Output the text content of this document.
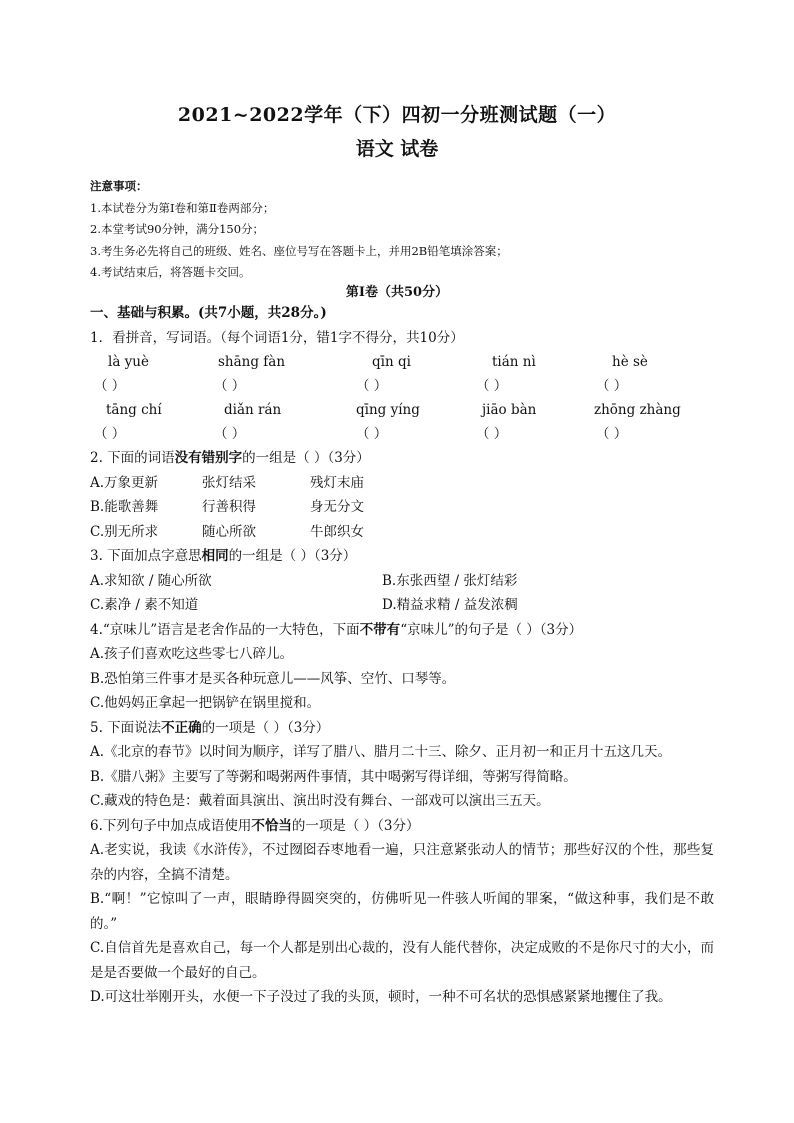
2021~2022学年（下）四初一分班测试题（一）
语文 试卷
注意事项：
1.本试卷分为第Ⅰ卷和第Ⅱ卷两部分；
2.本堂考试90分钟，满分150分；
3.考生务必先将自己的班级、姓名、座位号写在答题卡上，并用2B铅笔填涂答案；
4.考试结束后，将答题卡交回。
第Ⅰ卷（共50分）
一、基础与积累。(共7小题，共28分。)
1．看拼音，写词语。（每个词语1分，错1字不得分，共10分）
là yuè	shāng fàn	qīn qi	tián nì	hè sè
（ ）	（ ）	（ ）	（ ）	（ ）
tāng chí	diǎn rán	qīng yíng	jiāo bàn	zhōng zhàng
（ ）	（ ）	（ ）	（ ）	（ ）
2. 下面的词语没有错别字的一组是（ ）（3分）
A.万象更新	张灯结采	残灯末庙
B.能歌善舞	行善积得	身无分文
C.别无所求	随心所欲	牛郎织女
3. 下面加点字意思相同的一组是（ ）（3分）
A.求知欲 / 随心所欲	B.东张西望 / 张灯结彩
C.素净 / 素不知道	D.精益求精 / 益发浓稠
4.“京味儿”语言是老舍作品的一大特色，下面不带有“京味儿”的句子是（ ）（3分）
A.孩子们喜欢吃这些零七八碎儿。
B.恐怕第三件事才是买各种玩意儿——风筝、空竹、口琴等。
C.他妈妈正拿起一把锅铲在锅里搅和。
5. 下面说法不正确的一项是（ ）（3分）
A.《北京的春节》以时间为顺序，详写了腊八、腊月二十三、除夕、正月初一和正月十五这几天。
B.《腊八粥》主要写了等粥和喝粥两件事情，其中喝粥写得详细，等粥写得简略。
C.藏戏的特色是：戴着面具演出、演出时没有舞台、一部戏可以演出三五天。
6.下列句子中加点成语使用不恰当的一项是（ ）（3分）
A.老实说，我读《水浒传》，不过囫囵吞枣地看一遍，只注意紧张动人的情节；那些好汉的个性，那些复杂的内容，全搞不清楚。
B.“啊！”它惊叫了一声，眼睛睁得圆突突的，仿佛听见一件骇人听闻的罪案，“做这种事，我们是不敢的。”
C.自信首先是喜欢自己，每一个人都是别出心裁的，没有人能代替你，决定成败的不是你尺寸的大小，而是是否要做一个最好的自己。
D.可这壮举刚开头，水便一下子没过了我的头顶，顿时，一种不可名状的恐惧感紧紧地攫住了我。
